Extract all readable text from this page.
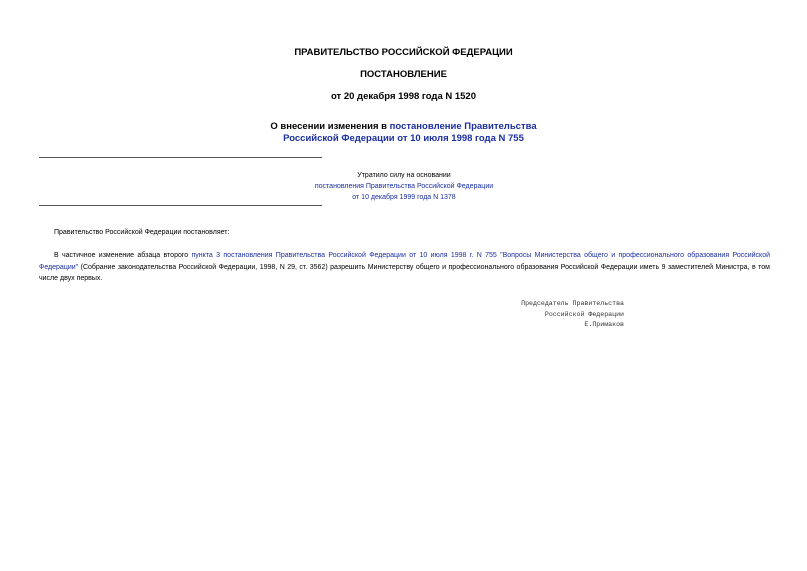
ПРАВИТЕЛЬСТВО РОССИЙСКОЙ ФЕДЕРАЦИИ
ПОСТАНОВЛЕНИЕ
от 20 декабря 1998 года N 1520
О внесении изменения в постановление Правительства
Российской Федерации от 10 июля 1998 года N 755
Утратило силу на основании
постановления Правительства Российской Федерации
от 10 декабря 1999 года N 1378
Правительство Российской Федерации постановляет:
В частичное изменение абзаца второго пункта 3 постановления Правительства Российской Федерации от 10 июля 1998 г. N 755 "Вопросы Министерства общего и профессионального образования Российской Федерации" (Собрание законодательства Российской Федерации, 1998, N 29, ст. 3562) разрешить Министерству общего и профессионального образования Российской Федерации иметь 9 заместителей Министра, в том числе двух первых.
Председатель Правительства
Российской Федерации
Е.Примаков
